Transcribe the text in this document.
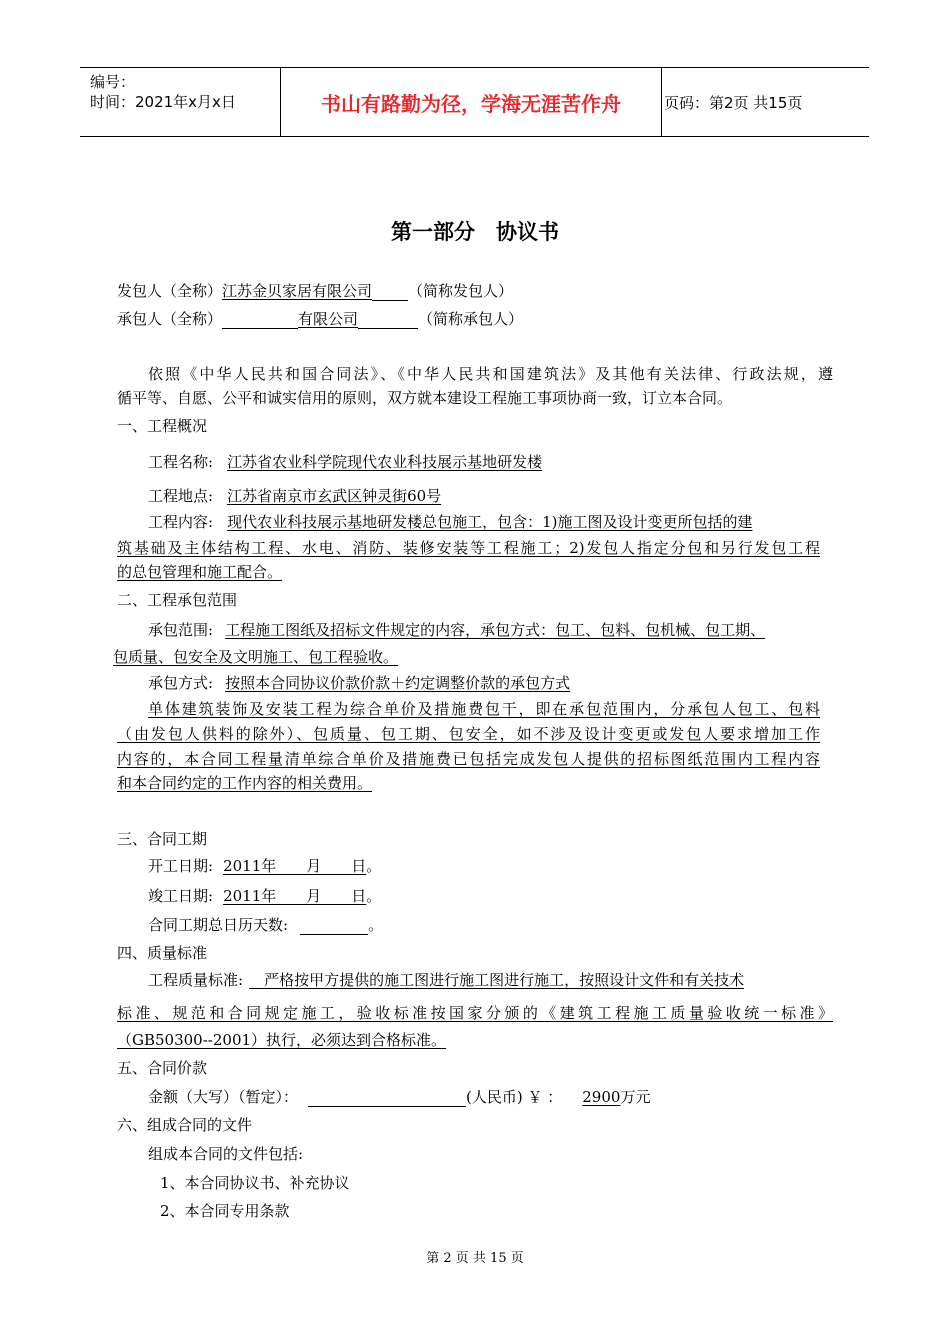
编号：
时间：2021年x月x日	书山有路勤为径，学海无涯苦作舟	页码：第2页 共15页
第一部分　协议书
发包人（全称）江苏金贝家居有限公司 （简称发包人）
承包人（全称）	有限公司	（简称承包人）
依照《中华人民共和国合同法》、《中华人民共和国建筑法》及其他有关法律、行政法规，遵
循平等、自愿、公平和诚实信用的原则，双方就本建设工程施工事项协商一致，订立本合同。
一、工程概况
工程名称: 江苏省农业科学院现代农业科技展示基地研发楼
工程地点: 江苏省南京市玄武区钟灵街60号
工程内容: 现代农业科技展示基地研发楼总包施工，包含：1)施工图及设计变更所包括的建
筑基础及主体结构工程、水电、消防、装修安装等工程施工；2)发包人指定分包和另行发包工程
的总包管理和施工配合。
二、工程承包范围
承包范围: 工程施工图纸及招标文件规定的内容，承包方式：包工、包料、包机械、包工期、
包质量、包安全及文明施工、包工程验收。
承包方式: 按照本合同协议价款价款＋约定调整价款的承包方式
单体建筑装饰及安装工程为综合单价及措施费包干，即在承包范围内，分承包人包工、包料
（由发包人供料的除外）、包质量、包工期、包安全，如不涉及设计变更或发包人要求增加工作
内容的，本合同工程量清单综合单价及措施费已包括完成发包人提供的招标图纸范围内工程内容
和本合同约定的工作内容的相关费用。
三、合同工期
开工日期: 2011年　　月　　日。
竣工日期: 2011年　　月　　日。
合同工期总日历天数:	。
四、质量标准
工程质量标准:　严格按甲方提供的施工图进行施工图进行施工，按照设计文件和有关技术
标准、规范和合同规定施工，验收标准按国家分颁的《建筑工程施工质量验收统一标准》
（GB50300--2001）执行，必须达到合格标准。
五、合同价款
金额（大写）（暂定）：	(人民币) ￥ ： 2900万元
六、组成合同的文件
组成本合同的文件包括:
1、本合同协议书、补充协议
2、本合同专用条款
第 2 页 共 15 页
